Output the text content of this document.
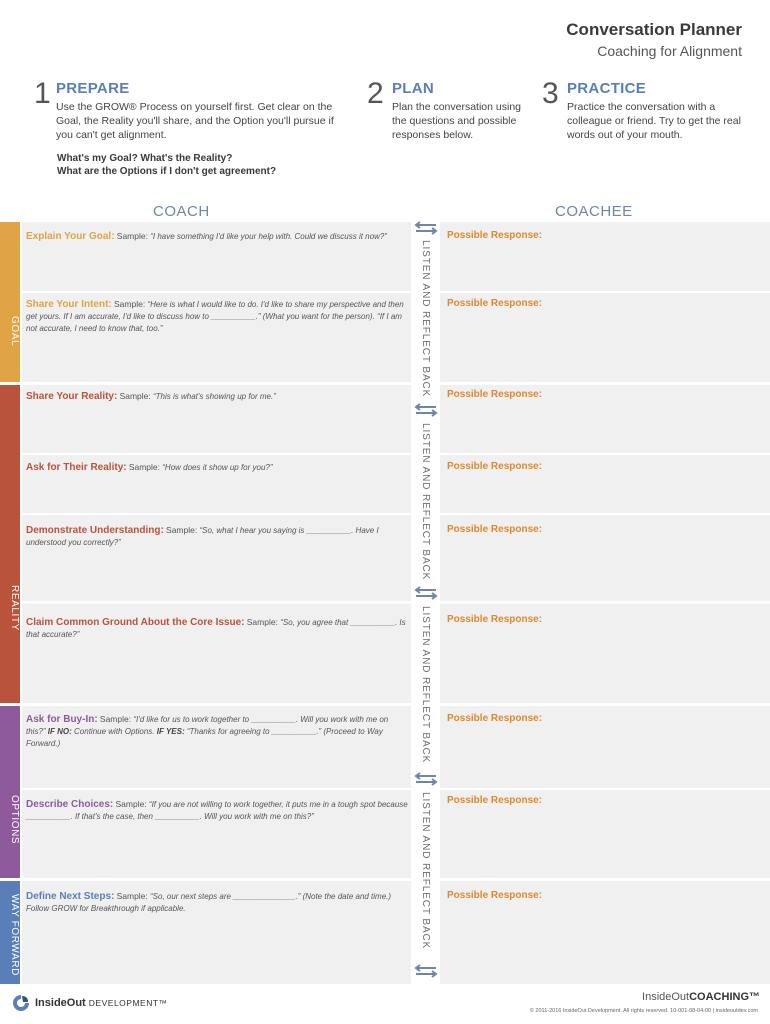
Conversation Planner
Coaching for Alignment
1 PREPARE
Use the GROW® Process on yourself first. Get clear on the Goal, the Reality you'll share, and the Option you'll pursue if you can't get alignment.
2 PLAN
Plan the conversation using the questions and possible responses below.
3 PRACTICE
Practice the conversation with a colleague or friend. Try to get the real words out of your mouth.
What's my Goal? What's the Reality?
What are the Options if I don't get agreement?
COACH	COACHEE
GOAL
REALITY
OPTIONS
WAY FORWARD
Explain Your Goal: Sample: “I have something I'd like your help with. Could we discuss it now?”
Share Your Intent: Sample: “Here is what I would like to do. I'd like to share my perspective and then get yours. If I am accurate, I'd like to discuss how to __________.” (What you want for the person). “If I am not accurate, I need to know that, too.”
Share Your Reality: Sample: “This is what's showing up for me.”
Ask for Their Reality: Sample: “How does it show up for you?”
Demonstrate Understanding: Sample: “So, what I hear you saying is __________. Have I understood you correctly?”
Claim Common Ground About the Core Issue: Sample: “So, you agree that __________. Is that accurate?”
Ask for Buy-In: Sample: “I'd like for us to work together to __________. Will you work with me on this?” IF NO: Continue with Options. IF YES: “Thanks for agreeing to __________.” (Proceed to Way Forward.)
Describe Choices: Sample: “If you are not willing to work together, it puts me in a tough spot because __________. If that's the case, then __________. Will you work with me on this?”
Define Next Steps: Sample: “So, our next steps are ______________.” (Note the date and time.) Follow GROW for Breakthrough if applicable.
Possible Response:
Possible Response:
Possible Response:
Possible Response:
Possible Response:
Possible Response:
Possible Response:
Possible Response:
Possible Response:
LISTEN AND REFLECT BACK
LISTEN AND REFLECT BACK
LISTEN AND REFLECT BACK
LISTEN AND REFLECT BACK
InsideOut DEVELOPMENT™	InsideOutCOACHING™
© 2011-2016 InsideOut Development. All rights reserved. 10-001-08-04-00 | insideoutdev.com
